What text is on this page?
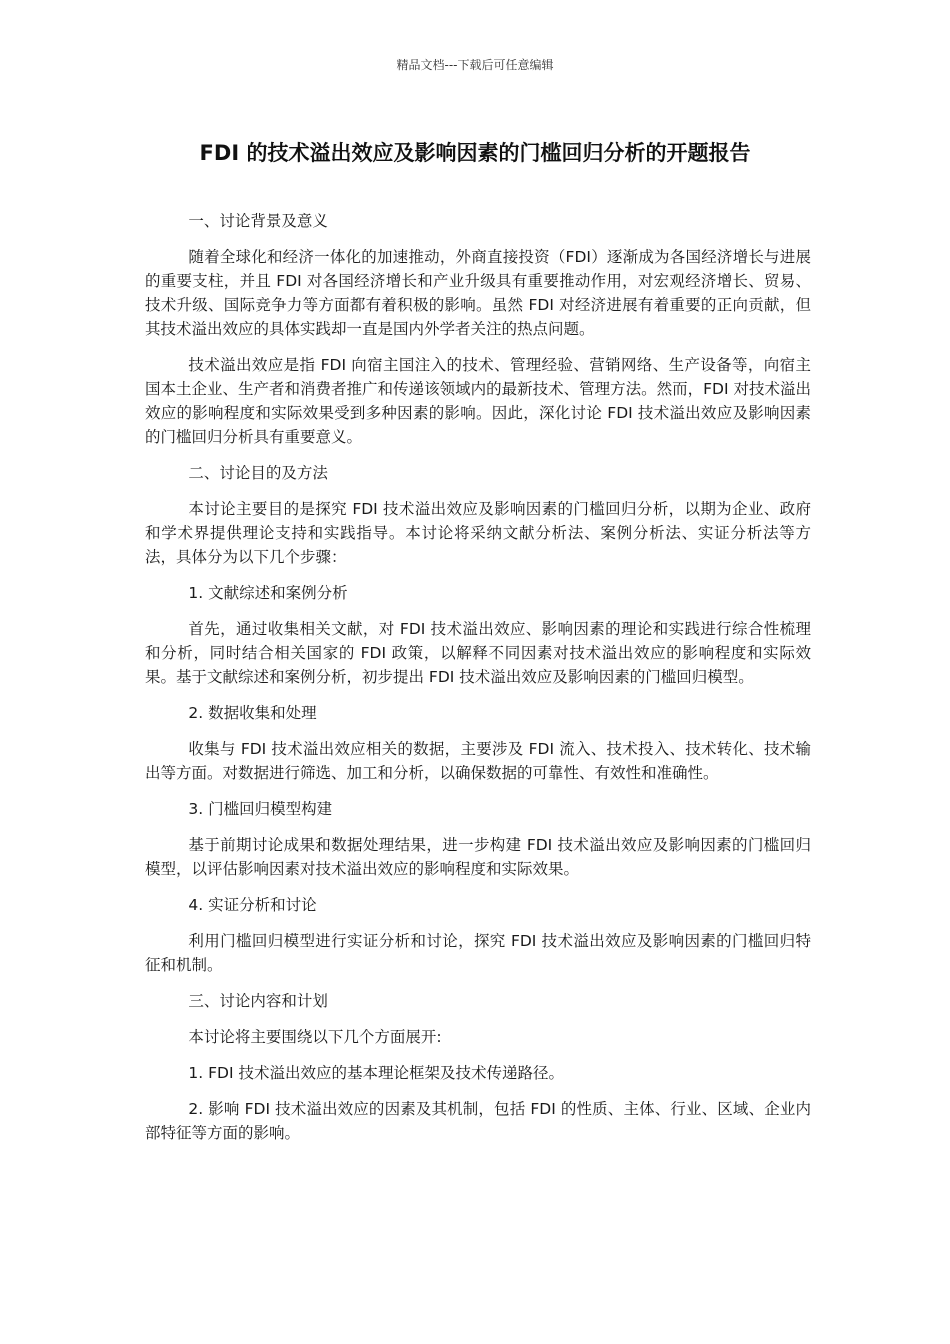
精品文档---下载后可任意编辑
FDI 的技术溢出效应及影响因素的门槛回归分析的开题报告
一、讨论背景及意义
随着全球化和经济一体化的加速推动，外商直接投资（FDI）逐渐成为各国经济增长与进展的重要支柱，并且 FDI 对各国经济增长和产业升级具有重要推动作用，对宏观经济增长、贸易、技术升级、国际竞争力等方面都有着积极的影响。虽然 FDI 对经济进展有着重要的正向贡献，但其技术溢出效应的具体实践却一直是国内外学者关注的热点问题。
技术溢出效应是指 FDI 向宿主国注入的技术、管理经验、营销网络、生产设备等，向宿主国本土企业、生产者和消费者推广和传递该领域内的最新技术、管理方法。然而，FDI 对技术溢出效应的影响程度和实际效果受到多种因素的影响。因此，深化讨论 FDI 技术溢出效应及影响因素的门槛回归分析具有重要意义。
二、讨论目的及方法
本讨论主要目的是探究 FDI 技术溢出效应及影响因素的门槛回归分析，以期为企业、政府和学术界提供理论支持和实践指导。本讨论将采纳文献分析法、案例分析法、实证分析法等方法，具体分为以下几个步骤：
1. 文献综述和案例分析
首先，通过收集相关文献，对 FDI 技术溢出效应、影响因素的理论和实践进行综合性梳理和分析，同时结合相关国家的 FDI 政策，以解释不同因素对技术溢出效应的影响程度和实际效果。基于文献综述和案例分析，初步提出 FDI 技术溢出效应及影响因素的门槛回归模型。
2. 数据收集和处理
收集与 FDI 技术溢出效应相关的数据，主要涉及 FDI 流入、技术投入、技术转化、技术输出等方面。对数据进行筛选、加工和分析，以确保数据的可靠性、有效性和准确性。
3. 门槛回归模型构建
基于前期讨论成果和数据处理结果，进一步构建 FDI 技术溢出效应及影响因素的门槛回归模型，以评估影响因素对技术溢出效应的影响程度和实际效果。
4. 实证分析和讨论
利用门槛回归模型进行实证分析和讨论，探究 FDI 技术溢出效应及影响因素的门槛回归特征和机制。
三、讨论内容和计划
本讨论将主要围绕以下几个方面展开:
1. FDI 技术溢出效应的基本理论框架及技术传递路径。
2. 影响 FDI 技术溢出效应的因素及其机制，包括 FDI 的性质、主体、行业、区域、企业内部特征等方面的影响。
